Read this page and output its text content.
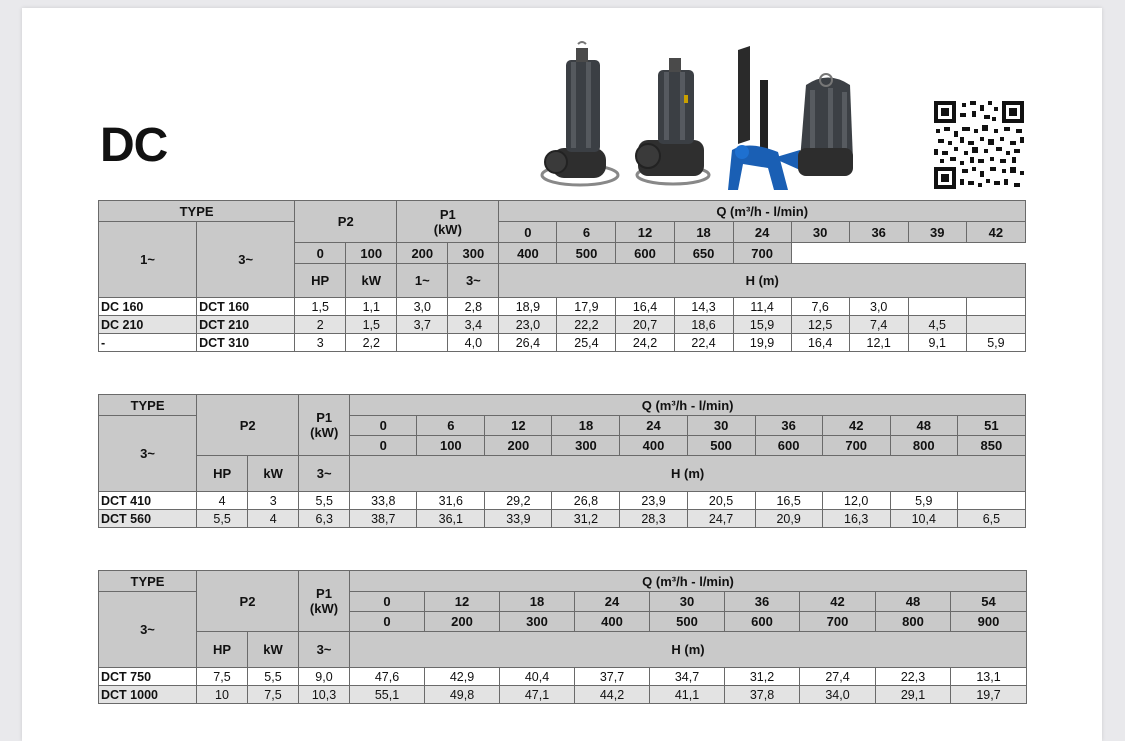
DC
TYPE		P2		P1
(kW)		Q (m³/h - l/min)								
1~	3~					0	6	12	18	24	30	36	39	42
		0	100	200	300	400	500	600	650	700				
		HP	kW	1~	3~	H (m)								
DC 160	DCT 160	1,5	1,1	3,0	2,8	18,9	17,9	16,4	14,3	11,4	7,6	3,0		
DC 210	DCT 210	2	1,5	3,7	3,4	23,0	22,2	20,7	18,6	15,9	12,5	7,4	4,5	
-	DCT 310	3	2,2		4,0	26,4	25,4	24,2	22,4	19,9	16,4	12,1	9,1	5,9
TYPE	P2		P1
(kW)	Q (m³/h - l/min)									
3~				0	6	12	18	24	30	36	42	48	51
				0	100	200	300	400	500	600	700	800	850
	HP	kW	3~	H (m)									
DCT 410	4	3	5,5	33,8	31,6	29,2	26,8	23,9	20,5	16,5	12,0	5,9	
DCT 560	5,5	4	6,3	38,7	36,1	33,9	31,2	28,3	24,7	20,9	16,3	10,4	6,5
TYPE	P2		P1
(kW)	Q (m³/h - l/min)								
3~				0	12	18	24	30	36	42	48	54
				0	200	300	400	500	600	700	800	900
	HP	kW	3~	H (m)								
DCT 750	7,5	5,5	9,0	47,6	42,9	40,4	37,7	34,7	31,2	27,4	22,3	13,1
DCT 1000	10	7,5	10,3	55,1	49,8	47,1	44,2	41,1	37,8	34,0	29,1	19,7
